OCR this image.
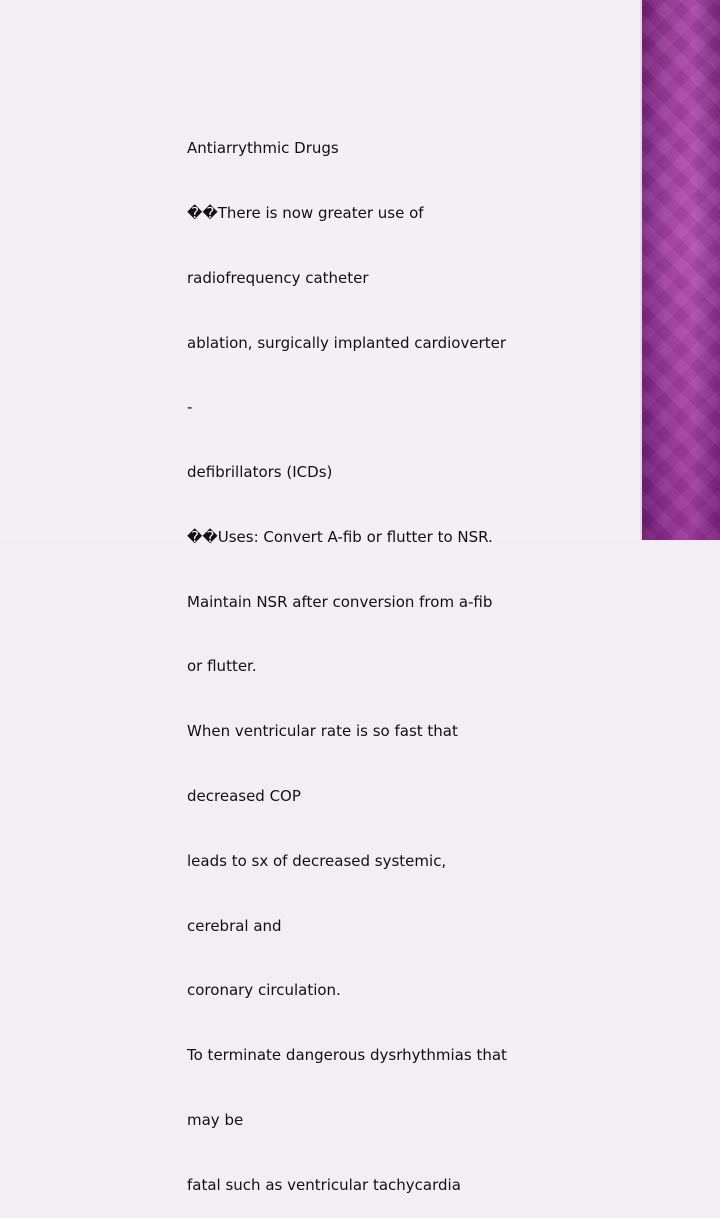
Antiarrythmic Drugs

��There is now greater use of

radiofrequency catheter

ablation, surgically implanted cardioverter

-

defibrillators (ICDs)

��Uses: Convert A-fib or flutter to NSR.

Maintain NSR after conversion from a-fib

or flutter.

When ventricular rate is so fast that

decreased COP

leads to sx of decreased systemic,

cerebral and

coronary circulation.

To terminate dangerous dysrhythmias that

may be

fatal such as ventricular tachycardia
